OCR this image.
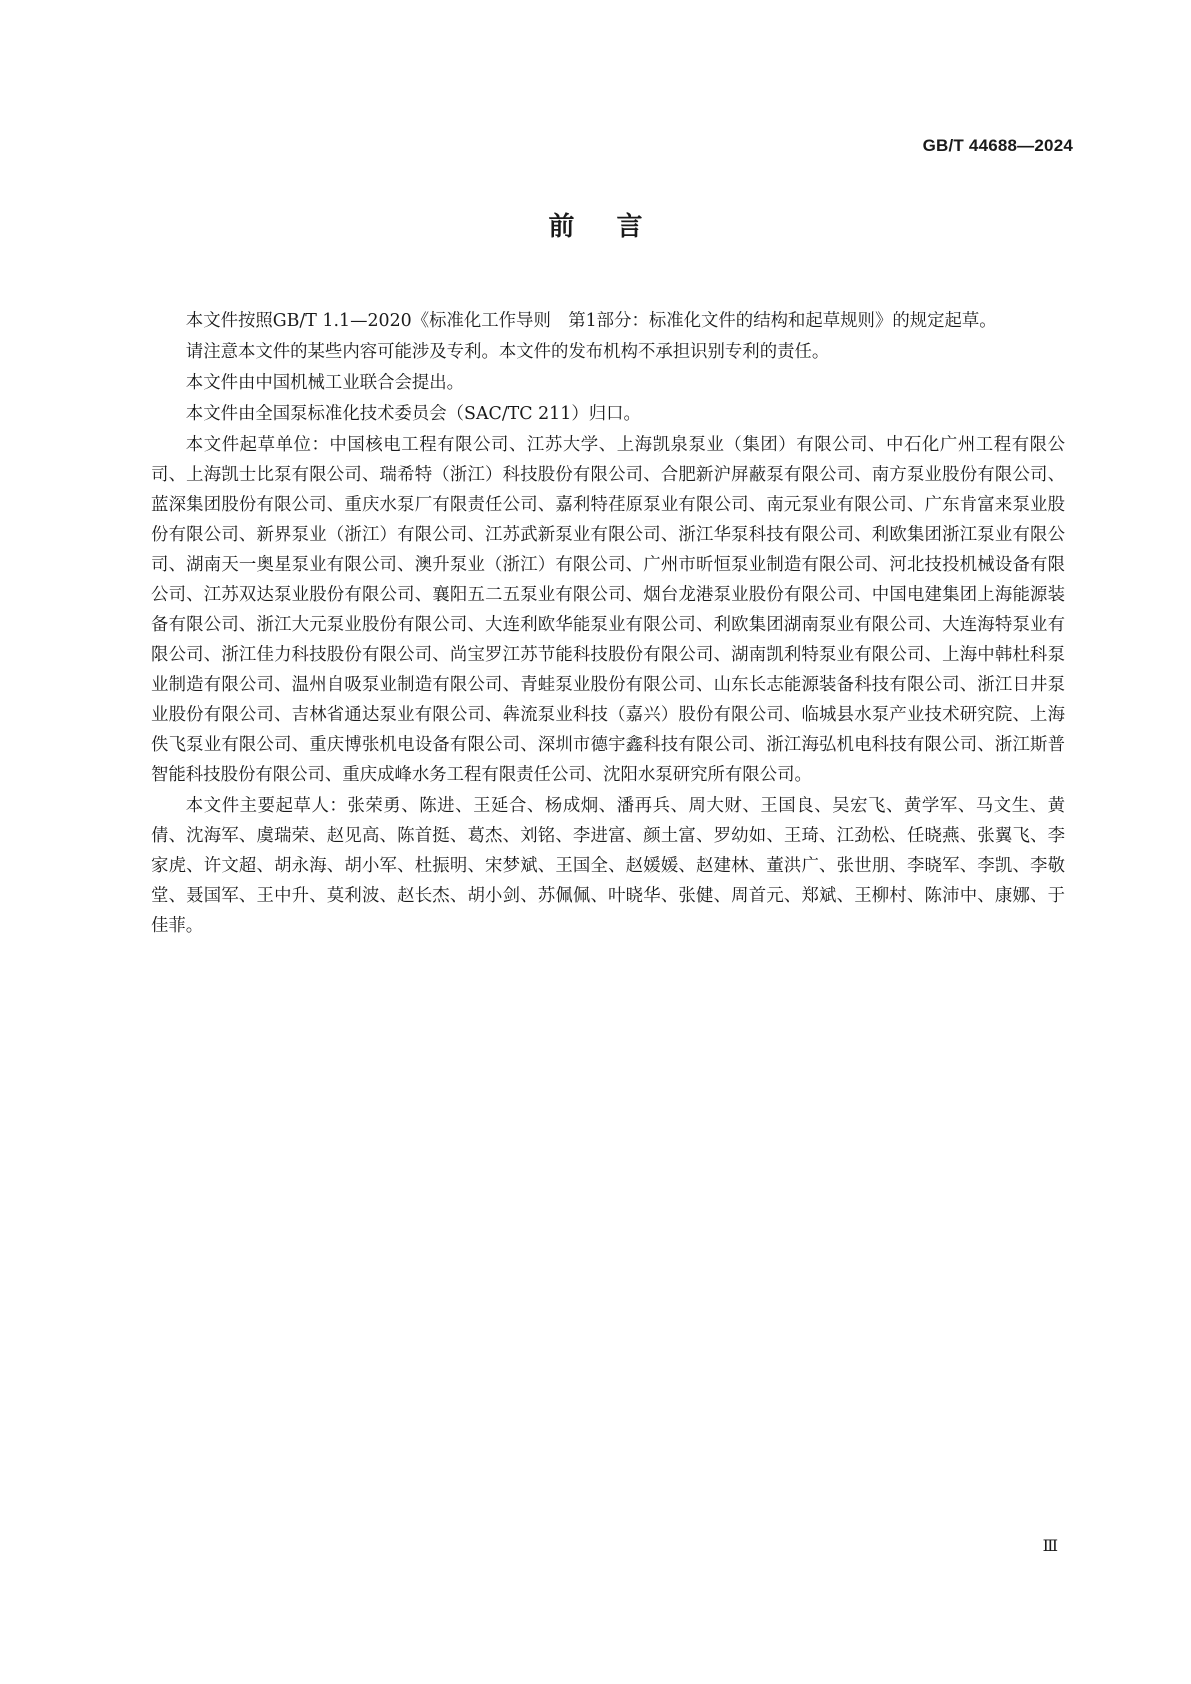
GB/T 44688—2024
前言

本文件按照GB/T 1.1—2020《标准化工作导则　第1部分：标准化文件的结构和起草规则》的规定起草。

请注意本文件的某些内容可能涉及专利。本文件的发布机构不承担识别专利的责任。

本文件由中国机械工业联合会提出。

本文件由全国泵标准化技术委员会（SAC/TC 211）归口。

本文件起草单位：中国核电工程有限公司、江苏大学、上海凯泉泵业（集团）有限公司、中石化广州工程有限公司、上海凯士比泵有限公司、瑞希特（浙江）科技股份有限公司、合肥新沪屏蔽泵有限公司、南方泵业股份有限公司、蓝深集团股份有限公司、重庆水泵厂有限责任公司、嘉利特荏原泵业有限公司、南元泵业有限公司、广东肯富来泵业股份有限公司、新界泵业（浙江）有限公司、江苏武新泵业有限公司、浙江华泵科技有限公司、利欧集团浙江泵业有限公司、湖南天一奥星泵业有限公司、澳升泵业（浙江）有限公司、广州市昕恒泵业制造有限公司、河北技投机械设备有限公司、江苏双达泵业股份有限公司、襄阳五二五泵业有限公司、烟台龙港泵业股份有限公司、中国电建集团上海能源装备有限公司、浙江大元泵业股份有限公司、大连利欧华能泵业有限公司、利欧集团湖南泵业有限公司、大连海特泵业有限公司、浙江佳力科技股份有限公司、尚宝罗江苏节能科技股份有限公司、湖南凯利特泵业有限公司、上海中韩杜科泵业制造有限公司、温州自吸泵业制造有限公司、青蛙泵业股份有限公司、山东长志能源装备科技有限公司、浙江日井泵业股份有限公司、吉林省通达泵业有限公司、犇流泵业科技（嘉兴）股份有限公司、临城县水泵产业技术研究院、上海佚飞泵业有限公司、重庆博张机电设备有限公司、深圳市德宇鑫科技有限公司、浙江海弘机电科技有限公司、浙江斯普智能科技股份有限公司、重庆成峰水务工程有限责任公司、沈阳水泵研究所有限公司。

本文件主要起草人：张荣勇、陈进、王延合、杨成炯、潘再兵、周大财、王国良、吴宏飞、黄学军、马文生、黄倩、沈海军、虞瑞荣、赵见高、陈首挺、葛杰、刘铭、李进富、颜土富、罗幼如、王琦、江劲松、任晓燕、张翼飞、李家虎、许文超、胡永海、胡小军、杜振明、宋梦斌、王国全、赵媛媛、赵建林、董洪广、张世朋、李晓军、李凯、李敬堂、聂国军、王中升、莫利波、赵长杰、胡小剑、苏佩佩、叶晓华、张健、周首元、郑斌、王柳村、陈沛中、康娜、于佳菲。

Ⅲ
